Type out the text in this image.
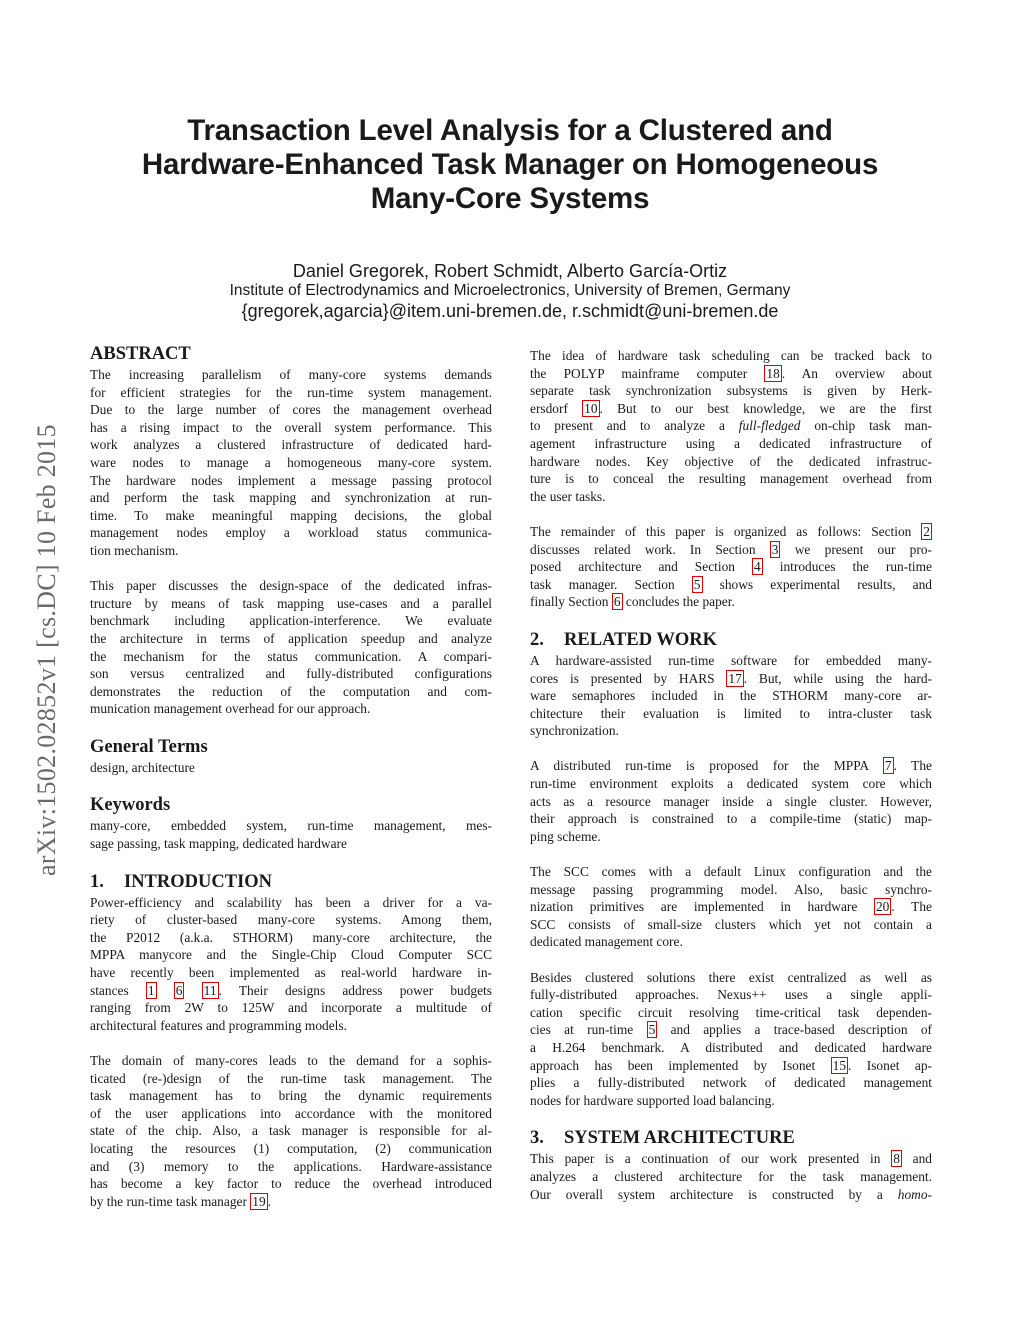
arXiv:1502.02852v1 [cs.DC] 10 Feb 2015
Transaction Level Analysis for a Clustered and
Hardware-Enhanced Task Manager on Homogeneous
Many-Core Systems
Daniel Gregorek, Robert Schmidt, Alberto García-Ortiz
Institute of Electrodynamics and Microelectronics, University of Bremen, Germany
{gregorek,agarcia}@item.uni-bremen.de, r.schmidt@uni-bremen.de
ABSTRACT
The increasing parallelism of many-core systems demands
for efficient strategies for the run-time system management.
Due to the large number of cores the management overhead
has a rising impact to the overall system performance. This
work analyzes a clustered infrastructure of dedicated hard-
ware nodes to manage a homogeneous many-core system.
The hardware nodes implement a message passing protocol
and perform the task mapping and synchronization at run-
time. To make meaningful mapping decisions, the global
management nodes employ a workload status communica-
tion mechanism.
This paper discusses the design-space of the dedicated infras-
tructure by means of task mapping use-cases and a parallel
benchmark including application-interference. We evaluate
the architecture in terms of application speedup and analyze
the mechanism for the status communication. A compari-
son versus centralized and fully-distributed configurations
demonstrates the reduction of the computation and com-
munication management overhead for our approach.
General Terms
design, architecture
Keywords
many-core, embedded system, run-time management, mes-
sage passing, task mapping, dedicated hardware
1. INTRODUCTION
Power-efficiency and scalability has been a driver for a va-
riety of cluster-based many-core systems. Among them,
the P2012 (a.k.a. STHORM) many-core architecture, the
MPPA manycore and the Single-Chip Cloud Computer SCC
have recently been implemented as real-world hardware in-
stances 1 6 11 . Their designs address power budgets
ranging from 2W to 125W and incorporate a multitude of
architectural features and programming models.
The domain of many-cores leads to the demand for a sophis-
ticated (re-)design of the run-time task management. The
task management has to bring the dynamic requirements
of the user applications into accordance with the monitored
state of the chip. Also, a task manager is responsible for al-
locating the resources (1) computation, (2) communication
and (3) memory to the applications. Hardware-assistance
has become a key factor to reduce the overhead introduced
by the run-time task manager 19 .
The idea of hardware task scheduling can be tracked back to
the POLYP mainframe computer 18 . An overview about
separate task synchronization subsystems is given by Herk-
ersdorf 10 . But to our best knowledge, we are the first
to present and to analyze a full-fledged on-chip task man-
agement infrastructure using a dedicated infrastructure of
hardware nodes. Key objective of the dedicated infrastruc-
ture is to conceal the resulting management overhead from
the user tasks.
The remainder of this paper is organized as follows: Section 2
discusses related work. In Section 3 we present our pro-
posed architecture and Section 4 introduces the run-time
task manager. Section 5 shows experimental results, and
finally Section 6 concludes the paper.
2. RELATED WORK
A hardware-assisted run-time software for embedded many-
cores is presented by HARS 17 . But, while using the hard-
ware semaphores included in the STHORM many-core ar-
chitecture their evaluation is limited to intra-cluster task
synchronization.
A distributed run-time is proposed for the MPPA 7 . The
run-time environment exploits a dedicated system core which
acts as a resource manager inside a single cluster. However,
their approach is constrained to a compile-time (static) map-
ping scheme.
The SCC comes with a default Linux configuration and the
message passing programming model. Also, basic synchro-
nization primitives are implemented in hardware 20 . The
SCC consists of small-size clusters which yet not contain a
dedicated management core.
Besides clustered solutions there exist centralized as well as
fully-distributed approaches. Nexus++ uses a single appli-
cation specific circuit resolving time-critical task dependen-
cies at run-time 5 and applies a trace-based description of
a H.264 benchmark. A distributed and dedicated hardware
approach has been implemented by Isonet 15 . Isonet ap-
plies a fully-distributed network of dedicated management
nodes for hardware supported load balancing.
3. SYSTEM ARCHITECTURE
This paper is a continuation of our work presented in 8 and
analyzes a clustered architecture for the task management.
Our overall system architecture is constructed by a homo-
